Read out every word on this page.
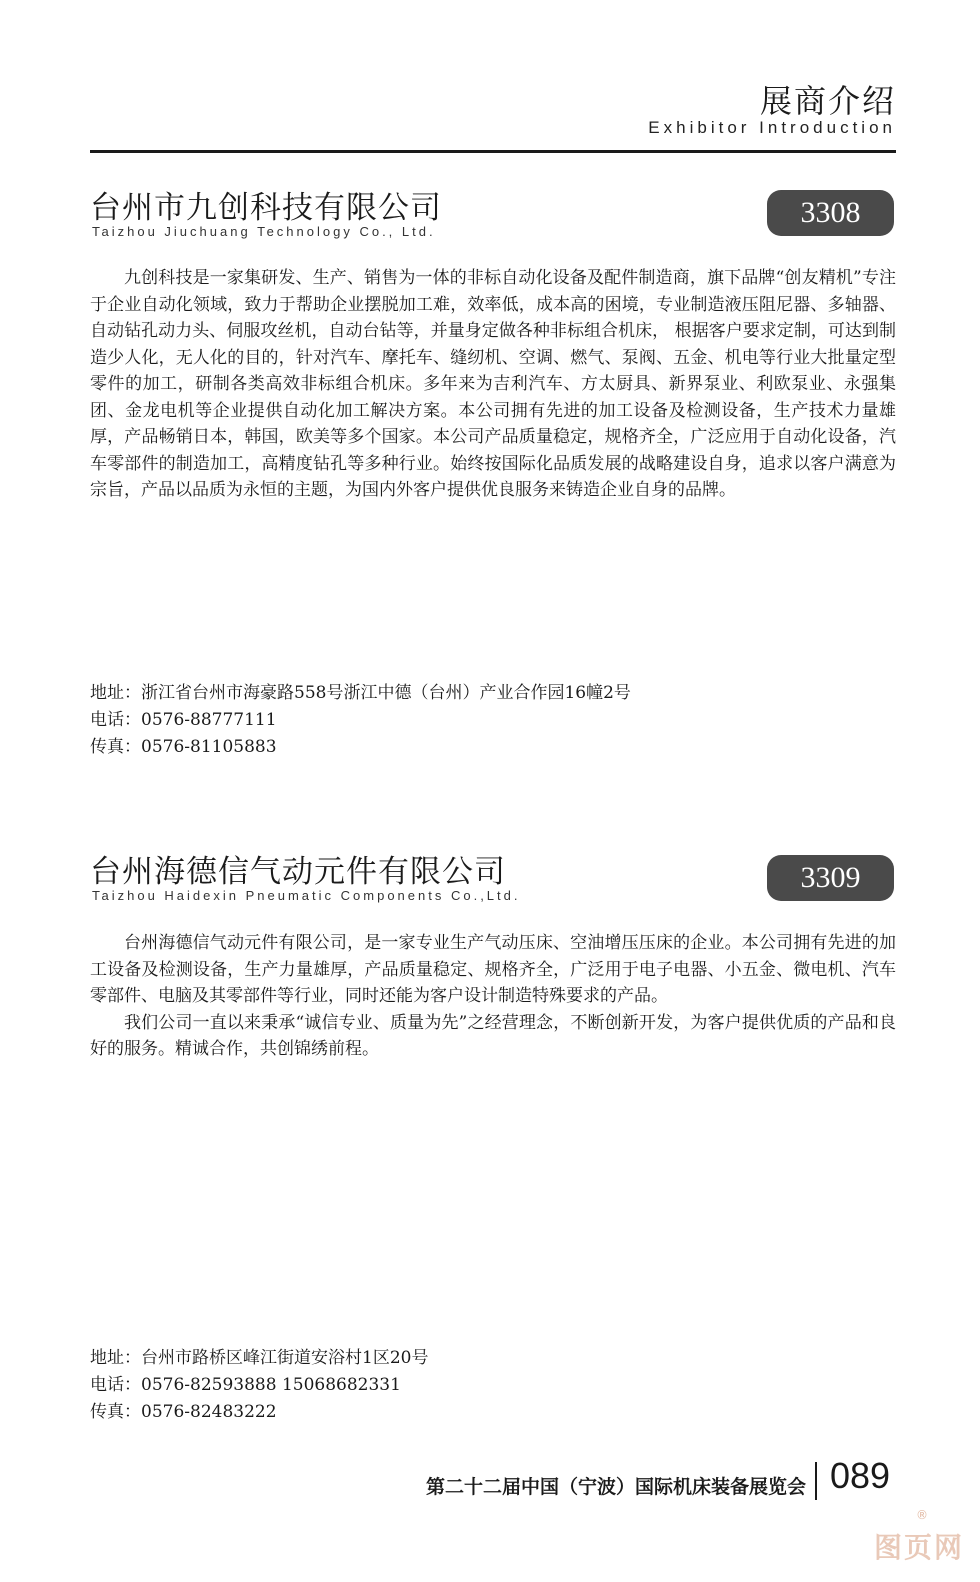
展商介绍
Exhibitor Introduction
台州市九创科技有限公司
Taizhou Jiuchuang Technology Co., Ltd.
3308

九创科技是一家集研发、生产、销售为一体的非标自动化设备及配件制造商，旗下品牌“创友精机”专注于企业自动化领域，致力于帮助企业摆脱加工难，效率低，成本高的困境，专业制造液压阻尼器、多轴器、自动钻孔动力头、伺服攻丝机，自动台钻等，并量身定做各种非标组合机床， 根据客户要求定制，可达到制造少人化，无人化的目的，针对汽车、摩托车、缝纫机、空调、燃气、泵阀、五金、机电等行业大批量定型零件的加工，研制各类高效非标组合机床。多年来为吉利汽车、方太厨具、新界泵业、利欧泵业、永强集团、金龙电机等企业提供自动化加工解决方案。本公司拥有先进的加工设备及检测设备，生产技术力量雄厚，产品畅销日本，韩国，欧美等多个国家。本公司产品质量稳定，规格齐全，广泛应用于自动化设备，汽车零部件的制造加工，高精度钻孔等多种行业。始终按国际化品质发展的战略建设自身，追求以客户满意为宗旨，产品以品质为永恒的主题，为国内外客户提供优良服务来铸造企业自身的品牌。

地址：浙江省台州市海豪路558号浙江中德（台州）产业合作园16幢2号
电话：0576-88777111
传真：0576-81105883
台州海德信气动元件有限公司
Taizhou Haidexin Pneumatic Components Co.,Ltd.
3309

台州海德信气动元件有限公司，是一家专业生产气动压床、空油增压压床的企业。本公司拥有先进的加工设备及检测设备，生产力量雄厚，产品质量稳定、规格齐全，广泛用于电子电器、小五金、微电机、汽车零部件、电脑及其零部件等行业，同时还能为客户设计制造特殊要求的产品。

我们公司一直以来秉承“诚信专业、质量为先”之经营理念，不断创新开发，为客户提供优质的产品和良好的服务。精诚合作，共创锦绣前程。

地址：台州市路桥区峰江街道安浴村1区20号
电话：0576-82593888 15068682331
传真：0576-82483222
第二十二届中国（宁波）国际机床装备展览会 089
®
图页网
